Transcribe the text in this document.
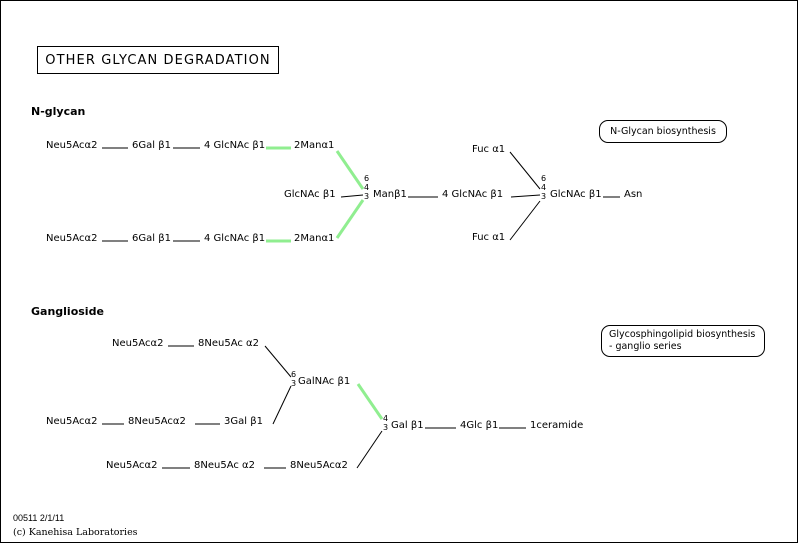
OTHER GLYCAN DEGRADATION
N-glycan
Ganglioside
N-Glycan biosynthesis
Glycosphingolipid biosynthesis
- ganglio series
Neu5Acα2	6Gal β1	4 GlcNAc β1	2Manα1
Neu5Acα2	6Gal β1	4 GlcNAc β1	2Manα1
GlcNAc β1	Manβ1	4 GlcNAc β1	GlcNAc β1 Asn
Fuc α1
Fuc α1
6
4
3
6
4
3
Neu5Acα2	8Neu5Ac α2
Neu5Acα2	8Neu5Acα2	3Gal β1
Neu5Acα2	8Neu5Ac α2	8Neu5Acα2
GalNAc β1
Gal β1	4Glc β1	1ceramide
6
3
4
3
00511 2/1/11
(c) Kanehisa Laboratories
